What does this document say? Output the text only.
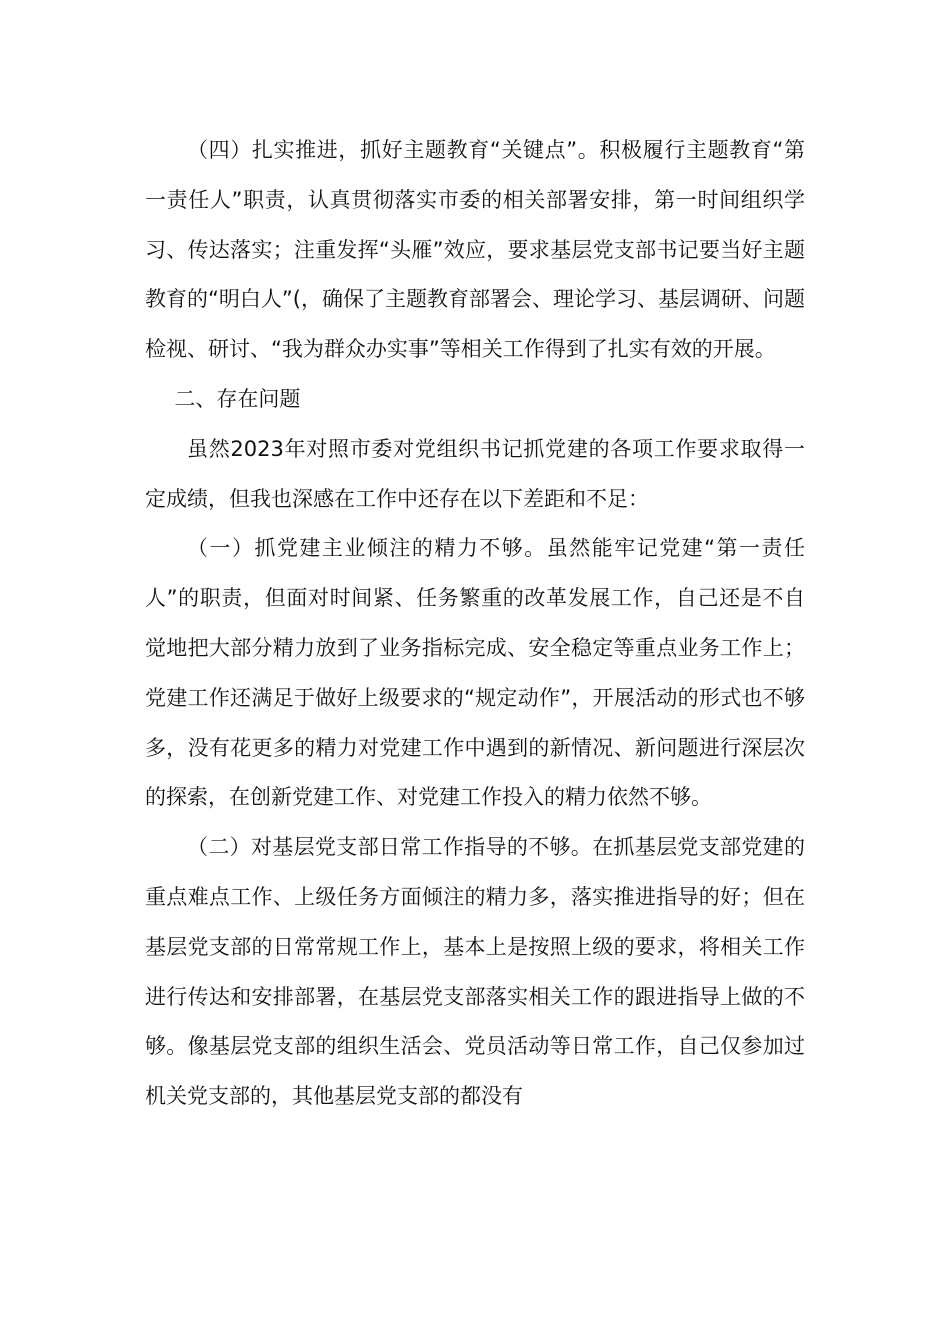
（四）扎实推进，抓好主题教育“关键点”。积极履行主题教育“第一责任人”职责，认真贯彻落实市委的相关部署安排，第一时间组织学习、传达落实；注重发挥“头雁”效应，要求基层党支部书记要当好主题教育的“明白人”(，确保了主题教育部署会、理论学习、基层调研、问题检视、研讨、“我为群众办实事”等相关工作得到了扎实有效的开展。

二、存在问题

虽然2023年对照市委对党组织书记抓党建的各项工作要求取得一定成绩，但我也深感在工作中还存在以下差距和不足：

（一）抓党建主业倾注的精力不够。虽然能牢记党建“第一责任人”的职责，但面对时间紧、任务繁重的改革发展工作，自己还是不自觉地把大部分精力放到了业务指标完成、安全稳定等重点业务工作上；党建工作还满足于做好上级要求的“规定动作”，开展活动的形式也不够多，没有花更多的精力对党建工作中遇到的新情况、新问题进行深层次的探索，在创新党建工作、对党建工作投入的精力依然不够。

（二）对基层党支部日常工作指导的不够。在抓基层党支部党建的重点难点工作、上级任务方面倾注的精力多，落实推进指导的好；但在基层党支部的日常常规工作上，基本上是按照上级的要求，将相关工作进行传达和安排部署，在基层党支部落实相关工作的跟进指导上做的不够。像基层党支部的组织生活会、党员活动等日常工作，自己仅参加过机关党支部的，其他基层党支部的都没有
